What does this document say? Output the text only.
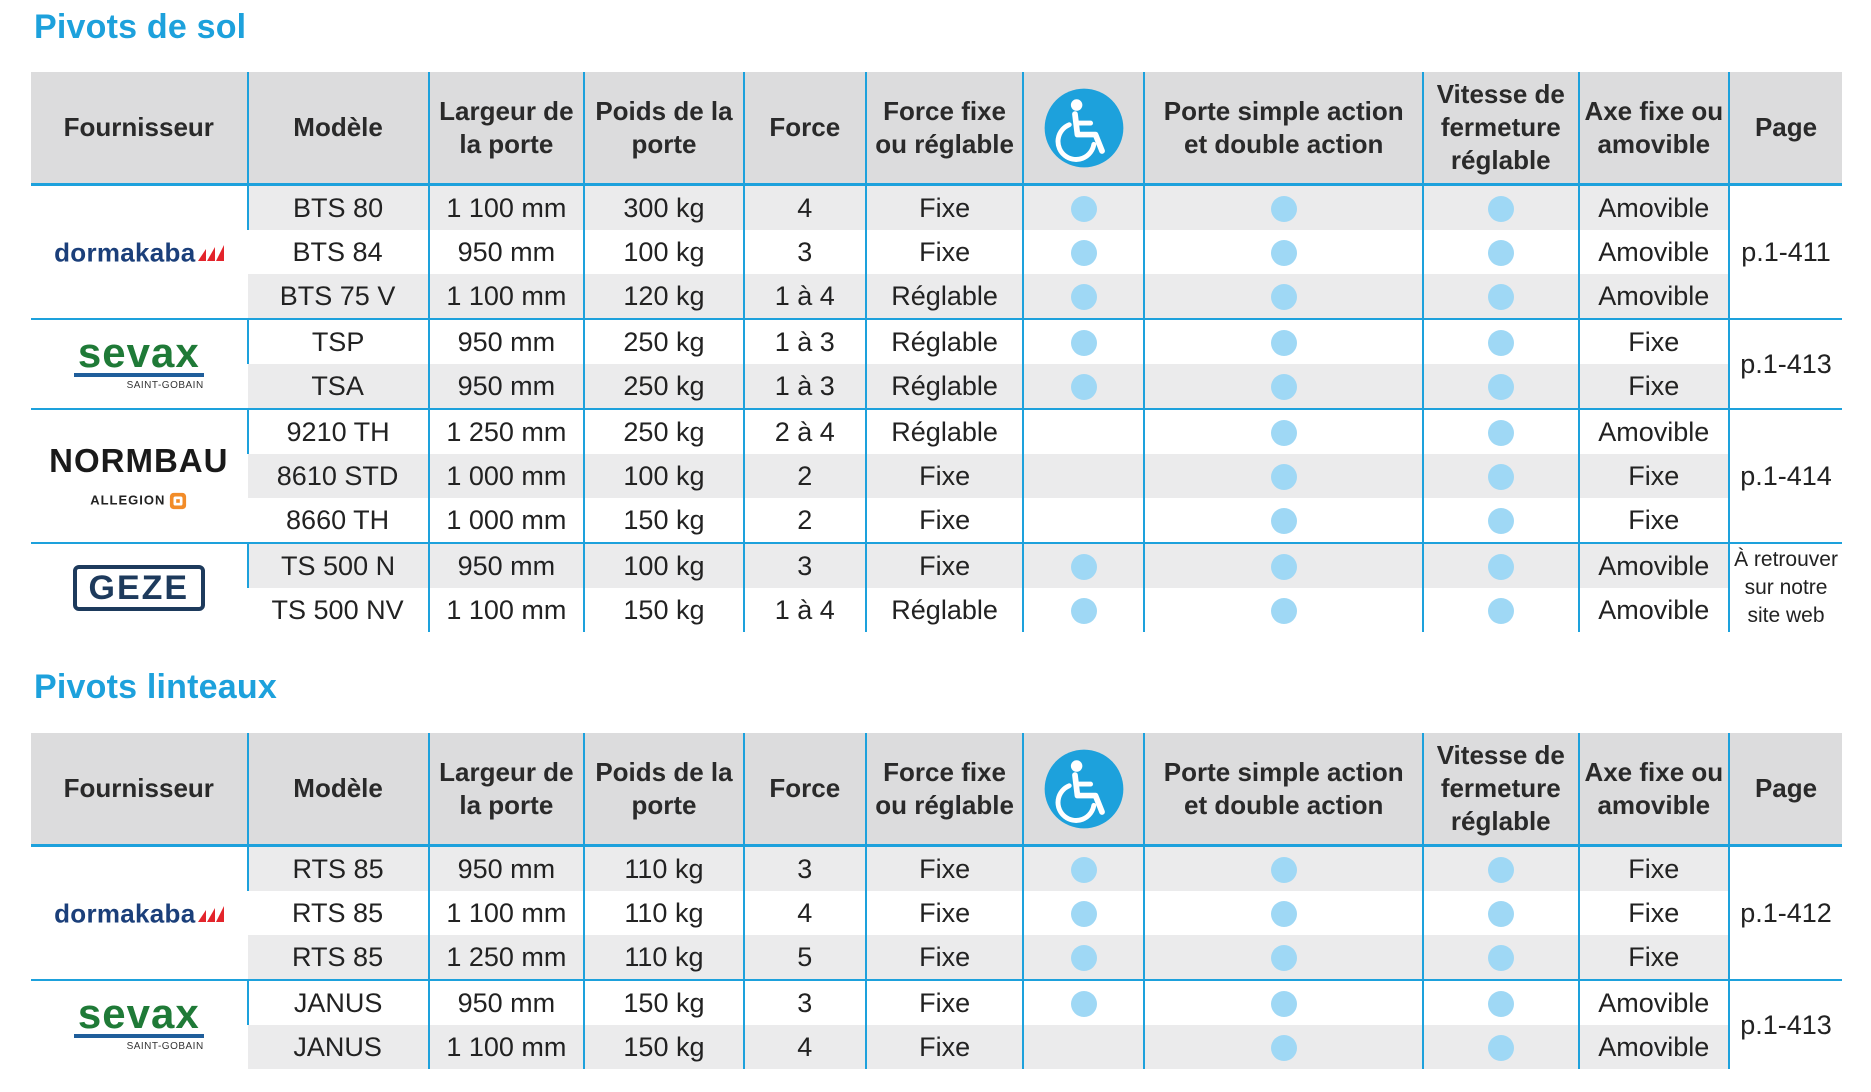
Pivots de sol
Fournisseur	Modèle	Largeur de la porte	Poids de la porte	Force	Force fixe ou réglable		Porte simple action et double action	Vitesse de fermeture réglable	Axe fixe ou amovible	Page
dormakaba	BTS 80	1 100 mm	300 kg	4	Fixe				Amovible	p.1-411
	BTS 84	950 mm	100 kg	3	Fixe				Amovible	
	BTS 75 V	1 100 mm	120 kg	1 à 4	Réglable				Amovible	

sevax
SAINT-GOBAIN	TSP	950 mm	250 kg	1 à 3	Réglable				Fixe	p.1-413
	TSA	950 mm	250 kg	1 à 3	Réglable				Fixe	

NORMBAU
ALLEGION	9210 TH	1 250 mm	250 kg	2 à 4	Réglable				Amovible	p.1-414
	8610 STD	1 000 mm	100 kg	2	Fixe				Fixe	
	8660 TH	1 000 mm	150 kg	2	Fixe				Fixe	
GEZE	TS 500 N	950 mm	100 kg	3	Fixe				Amovible	À retrouver sur notre site web
	TS 500 NV	1 100 mm	150 kg	1 à 4	Réglable				Amovible	
Pivots linteaux
Fournisseur	Modèle	Largeur de la porte	Poids de la porte	Force	Force fixe ou réglable		Porte simple action et double action	Vitesse de fermeture réglable	Axe fixe ou amovible	Page
dormakaba	RTS 85	950 mm	110 kg	3	Fixe				Fixe	p.1-412
	RTS 85	1 100 mm	110 kg	4	Fixe				Fixe	
	RTS 85	1 250 mm	110 kg	5	Fixe				Fixe	

sevax
SAINT-GOBAIN	JANUS	950 mm	150 kg	3	Fixe				Amovible	p.1-413
	JANUS	1 100 mm	150 kg	4	Fixe				Amovible	
